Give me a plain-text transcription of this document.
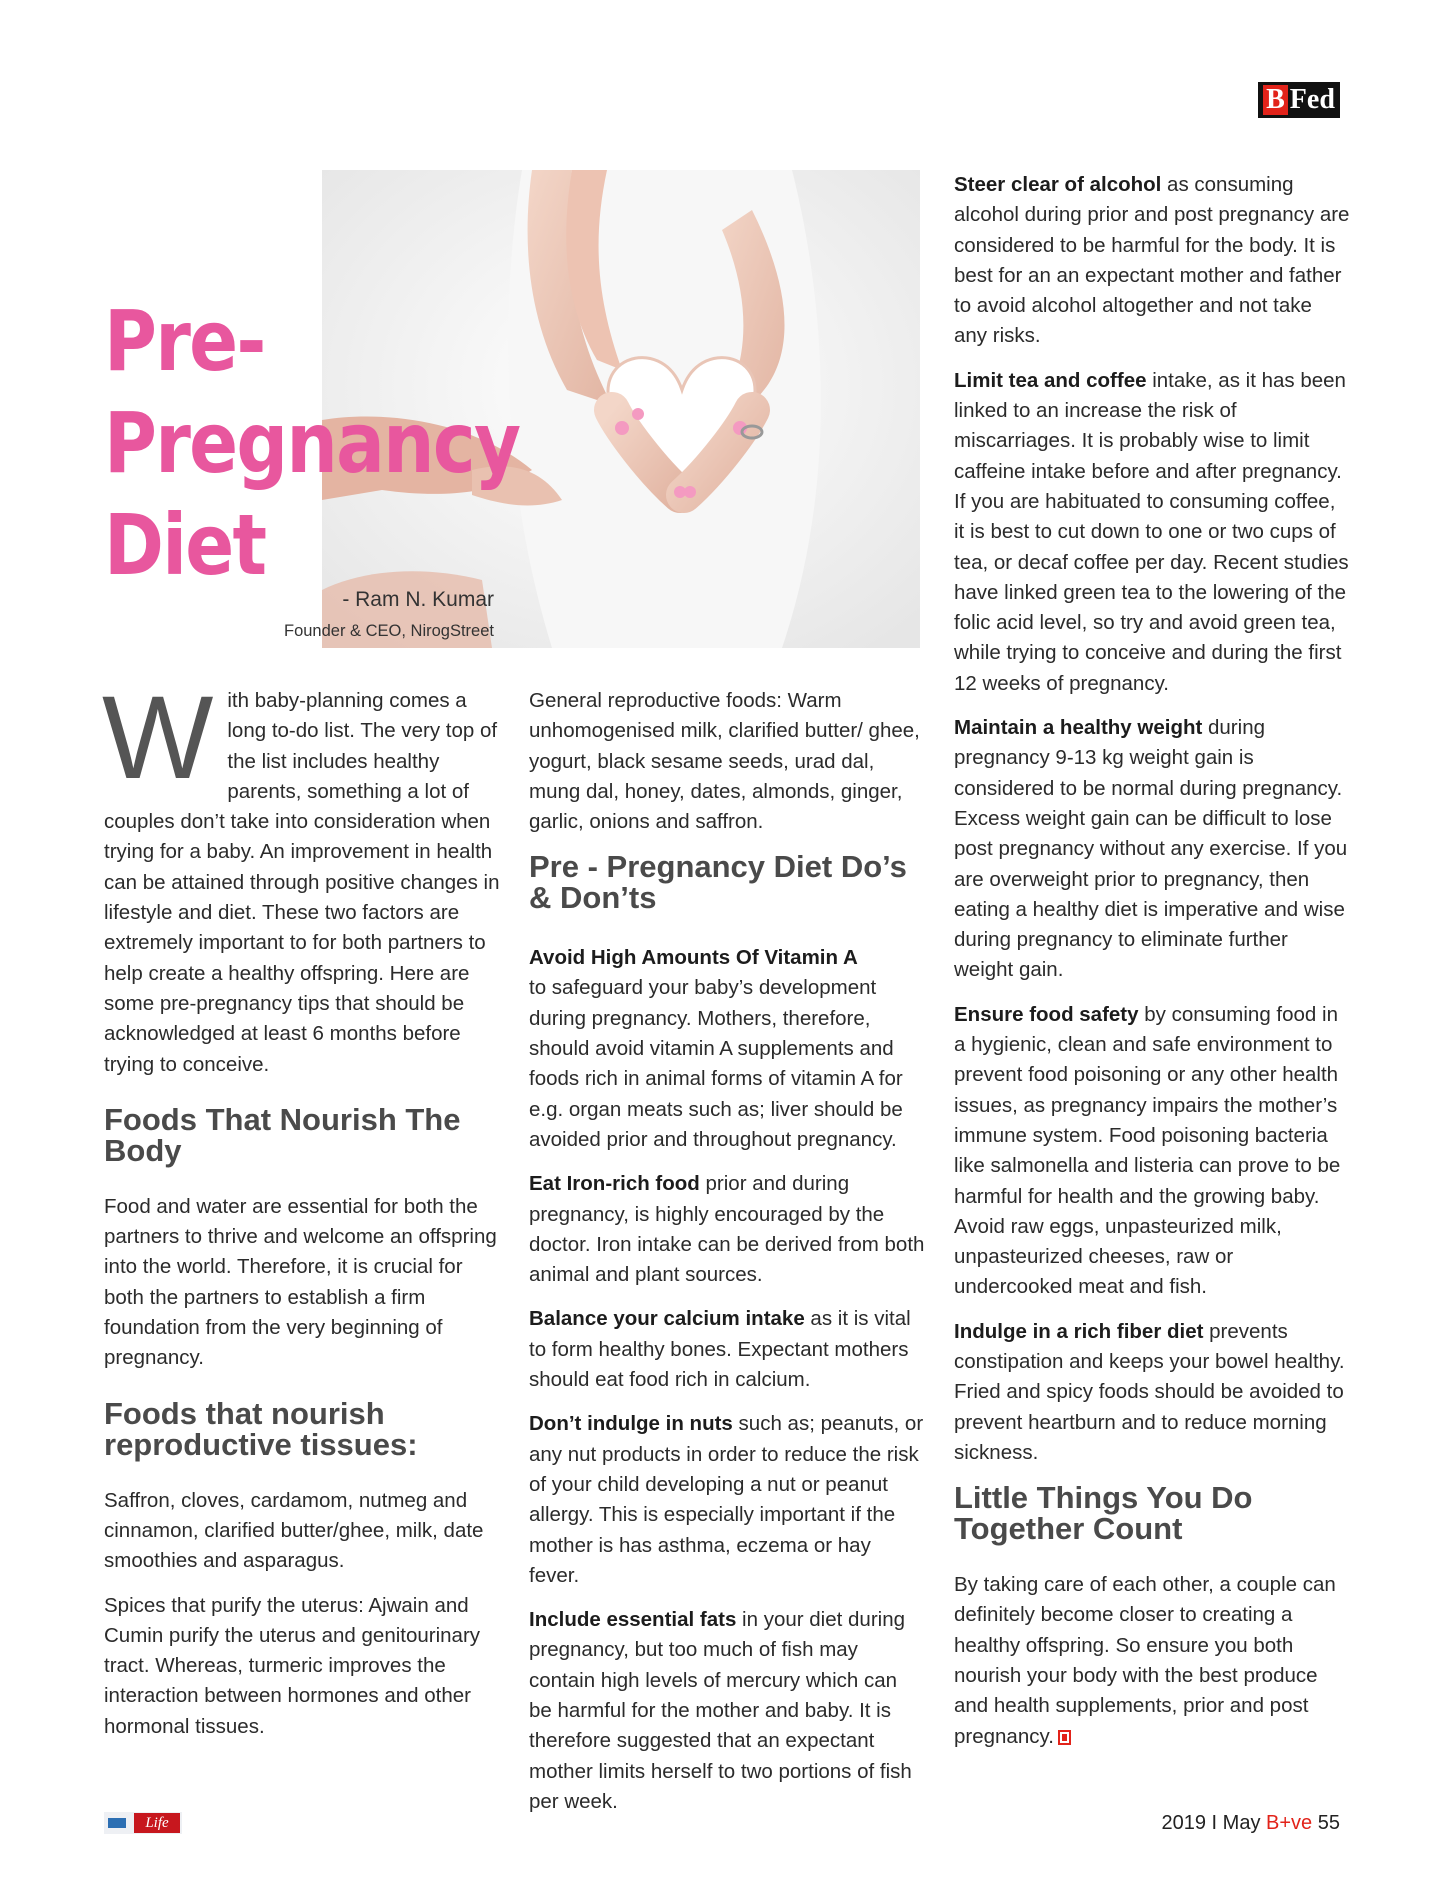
B Fed
Pre-
Pregnancy
Diet
- Ram N. Kumar
Founder & CEO, NirogStreet

With baby-planning comes a long to-do list. The very top of the list includes healthy parents, something a lot of couples don’t take into consideration when trying for a baby. An improvement in health can be attained through positive changes in lifestyle and diet. These two factors are extremely important to for both partners to help create a healthy offspring. Here are some pre-pregnancy tips that should be acknowledged at least 6 months before trying to conceive.

Foods That Nourish The Body

Food and water are essential for both the partners to thrive and welcome an offspring into the world. Therefore, it is crucial for both the partners to establish a firm foundation from the very beginning of pregnancy.

Foods that nourish reproductive tissues:

Saffron, cloves, cardamom, nutmeg and cinnamon, clarified butter/ghee, milk, date smoothies and asparagus.

Spices that purify the uterus: Ajwain and Cumin purify the uterus and genitourinary tract. Whereas, turmeric improves the interaction between hormones and other hormonal tissues.

General reproductive foods: Warm unhomogenised milk, clarified butter/ ghee, yogurt, black sesame seeds, urad dal, mung dal, honey, dates, almonds, ginger, garlic, onions and saffron.

Pre - Pregnancy Diet Do’s & Don’ts
Avoid High Amounts Of Vitamin A

to safeguard your baby’s development during pregnancy. Mothers, therefore, should avoid vitamin A supplements and foods rich in animal forms of vitamin A for e.g. organ meats such as; liver should be avoided prior and throughout pregnancy.

Eat Iron-rich food prior and during pregnancy, is highly encouraged by the doctor. Iron intake can be derived from both animal and plant sources.

Balance your calcium intake as it is vital to form healthy bones. Expectant mothers should eat food rich in calcium.

Don’t indulge in nuts such as; peanuts, or any nut products in order to reduce the risk of your child developing a nut or peanut allergy. This is especially important if the mother is has asthma, eczema or hay fever.

Include essential fats in your diet during pregnancy, but too much of fish may contain high levels of mercury which can be harmful for the mother and baby. It is therefore suggested that an expectant mother limits herself to two portions of fish per week.

Steer clear of alcohol as consuming alcohol during prior and post pregnancy are considered to be harmful for the body. It is best for an an expectant mother and father to avoid alcohol altogether and not take any risks.

Limit tea and coffee intake, as it has been linked to an increase the risk of miscarriages. It is probably wise to limit caffeine intake before and after pregnancy. If you are habituated to consuming coffee, it is best to cut down to one or two cups of tea, or decaf coffee per day. Recent studies have linked green tea to the lowering of the folic acid level, so try and avoid green tea, while trying to conceive and during the first 12 weeks of pregnancy.

Maintain a healthy weight during pregnancy 9-13 kg weight gain is considered to be normal during pregnancy. Excess weight gain can be difficult to lose post pregnancy without any exercise. If you are overweight prior to pregnancy, then eating a healthy diet is imperative and wise during pregnancy to eliminate further weight gain.

Ensure food safety by consuming food in a hygienic, clean and safe environment to prevent food poisoning or any other health issues, as pregnancy impairs the mother’s immune system. Food poisoning bacteria like salmonella and listeria can prove to be harmful for health and the growing baby. Avoid raw eggs, unpasteurized milk, unpasteurized cheeses, raw or undercooked meat and fish.

Indulge in a rich fiber diet prevents constipation and keeps your bowel healthy. Fried and spicy foods should be avoided to prevent heartburn and to reduce morning sickness.

Little Things You Do Together Count

By taking care of each other, a couple can definitely become closer to creating a healthy offspring. So ensure you both nourish your body with the best produce and health supplements, prior and post pregnancy.

Life	2019 I May B+ve 55
